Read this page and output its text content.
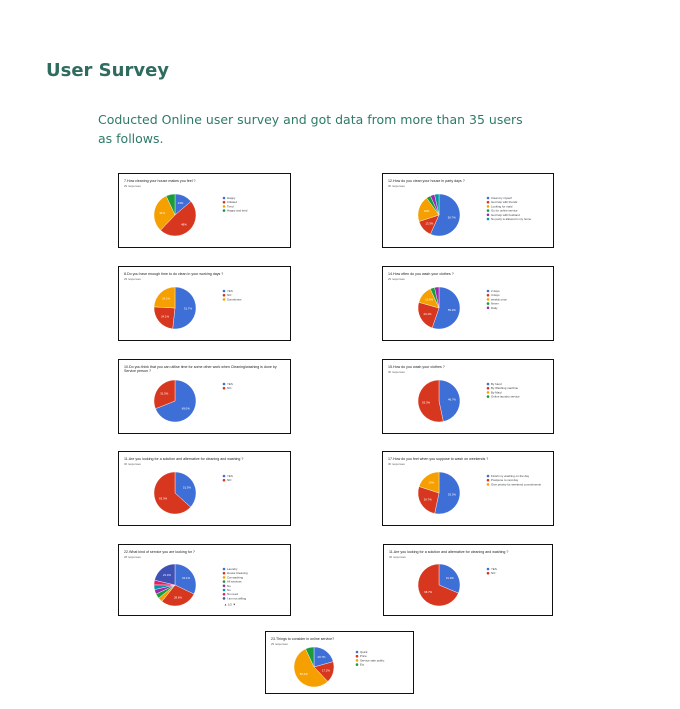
User Survey

Coducted Online user survey and got data from more than 35 users as follows.

7.How cleaning your house makes you feel ?
29 responses
13%
48%
31%
Happy
Irritated
Tired
Happy and tired
12.How do you clean your house in party days ?
30 responses
56.7%
13.3%
20%
Clean by myself
Get help with friends
Looking for maid
Go for online service
Get help with husband
No party is allowed in my home
8.Do you have enough time to do clean in your working days ?
29 responses
51.7%
24.1%
24.1%
YES
NO
Sometimes
14.How often do you wash your clothes ?
29 responses
55.2%
24.1%
13.8%
2 days
4 days
weekly once
Never
Daily
10.Do you think that you can utilise time for some other work when Cleaning/washing is done by
Service person ?
69.0%
31.0%
YES
NO
15.How do you wash your clothes ?
30 responses
46.7%
53.3%
By hand
By Washing machine
By Maid
Online laundry service
11.Are you looking for a solution and alternative for cleaning and washing ?
30 responses
31.3%
63.3%
YES
NO
17.How do you feel when you suppose to wash on weekends ?
30 responses
53.3%
26.7%
20%
Finish my washing on the day
Postpone to next day
Give priority for weekend commitments
22.What kind of service you are looking for ?
28 responses
32.1%
28.6%
21.4%
Laundry
House Cleaning
Car washing
All services
No
No
No need
I am not willing
▲ 1/2 ▼
11.Are you looking for a solution and alternative for cleaning and washing ?
30 responses
31.3%
68.7%
YES
NO
23.Things to consider in online service?
29 responses
20.7%
17.2%
55.2%
Quick
Price
Service sate public
Etc
